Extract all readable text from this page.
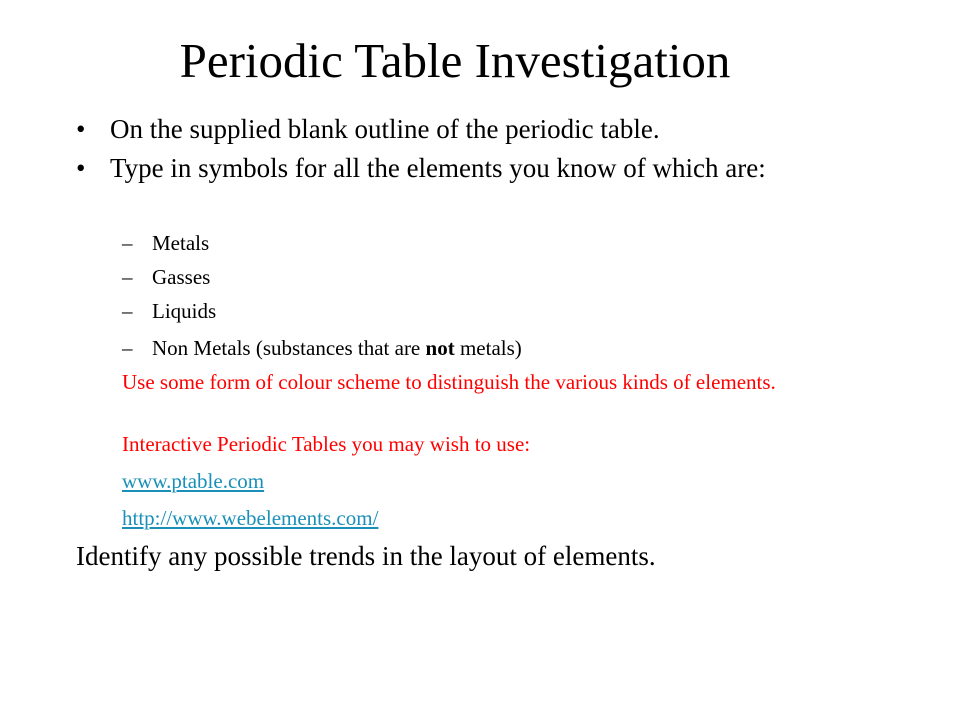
Periodic Table Investigation
• On the supplied blank outline of the periodic table.
• Type in symbols for all the elements you know of which are:
– Metals
– Gasses
– Liquids
– Non Metals (substances that are not metals)
Use some form of colour scheme to distinguish the various kinds of elements.
Interactive Periodic Tables you may wish to use:
www.ptable.com
http://www.webelements.com/
Identify any possible trends in the layout of elements.
